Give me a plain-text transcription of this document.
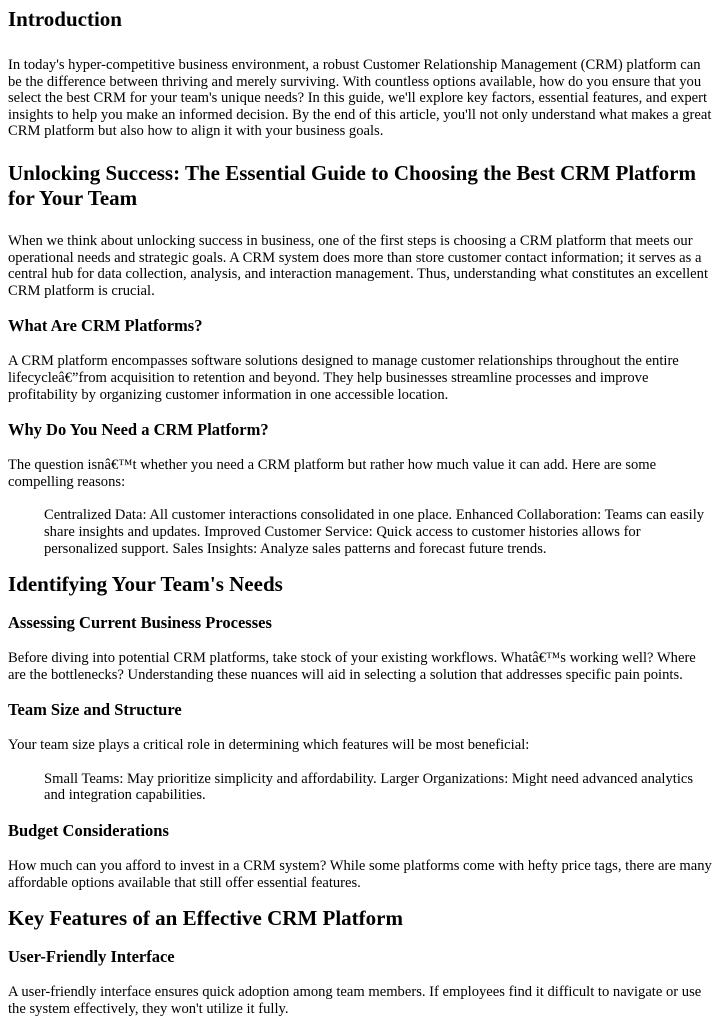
Introduction

In today's hyper-competitive business environment, a robust Customer Relationship Management (CRM) platform can be the difference between thriving and merely surviving. With countless options available, how do you ensure that you select the best CRM for your team's unique needs? In this guide, we'll explore key factors, essential features, and expert insights to help you make an informed decision. By the end of this article, you'll not only understand what makes a great CRM platform but also how to align it with your business goals.

Unlocking Success: The Essential Guide to Choosing the Best CRM Platform for Your Team

When we think about unlocking success in business, one of the first steps is choosing a CRM platform that meets our operational needs and strategic goals. A CRM system does more than store customer contact information; it serves as a central hub for data collection, analysis, and interaction management. Thus, understanding what constitutes an excellent CRM platform is crucial.

What Are CRM Platforms?

A CRM platform encompasses software solutions designed to manage customer relationships throughout the entire lifecycleâ€”from acquisition to retention and beyond. They help businesses streamline processes and improve profitability by organizing customer information in one accessible location.

Why Do You Need a CRM Platform?

The question isnâ€™t whether you need a CRM platform but rather how much value it can add. Here are some compelling reasons:

Centralized Data: All customer interactions consolidated in one place. Enhanced Collaboration: Teams can easily share insights and updates. Improved Customer Service: Quick access to customer histories allows for personalized support. Sales Insights: Analyze sales patterns and forecast future trends.
Identifying Your Team's Needs
Assessing Current Business Processes

Before diving into potential CRM platforms, take stock of your existing workflows. Whatâ€™s working well? Where are the bottlenecks? Understanding these nuances will aid in selecting a solution that addresses specific pain points.

Team Size and Structure

Your team size plays a critical role in determining which features will be most beneficial:

Small Teams: May prioritize simplicity and affordability. Larger Organizations: Might need advanced analytics and integration capabilities.
Budget Considerations

How much can you afford to invest in a CRM system? While some platforms come with hefty price tags, there are many affordable options available that still offer essential features.

Key Features of an Effective CRM Platform
User-Friendly Interface

A user-friendly interface ensures quick adoption among team members. If employees find it difficult to navigate or use the system effectively, they won't utilize it fully.
